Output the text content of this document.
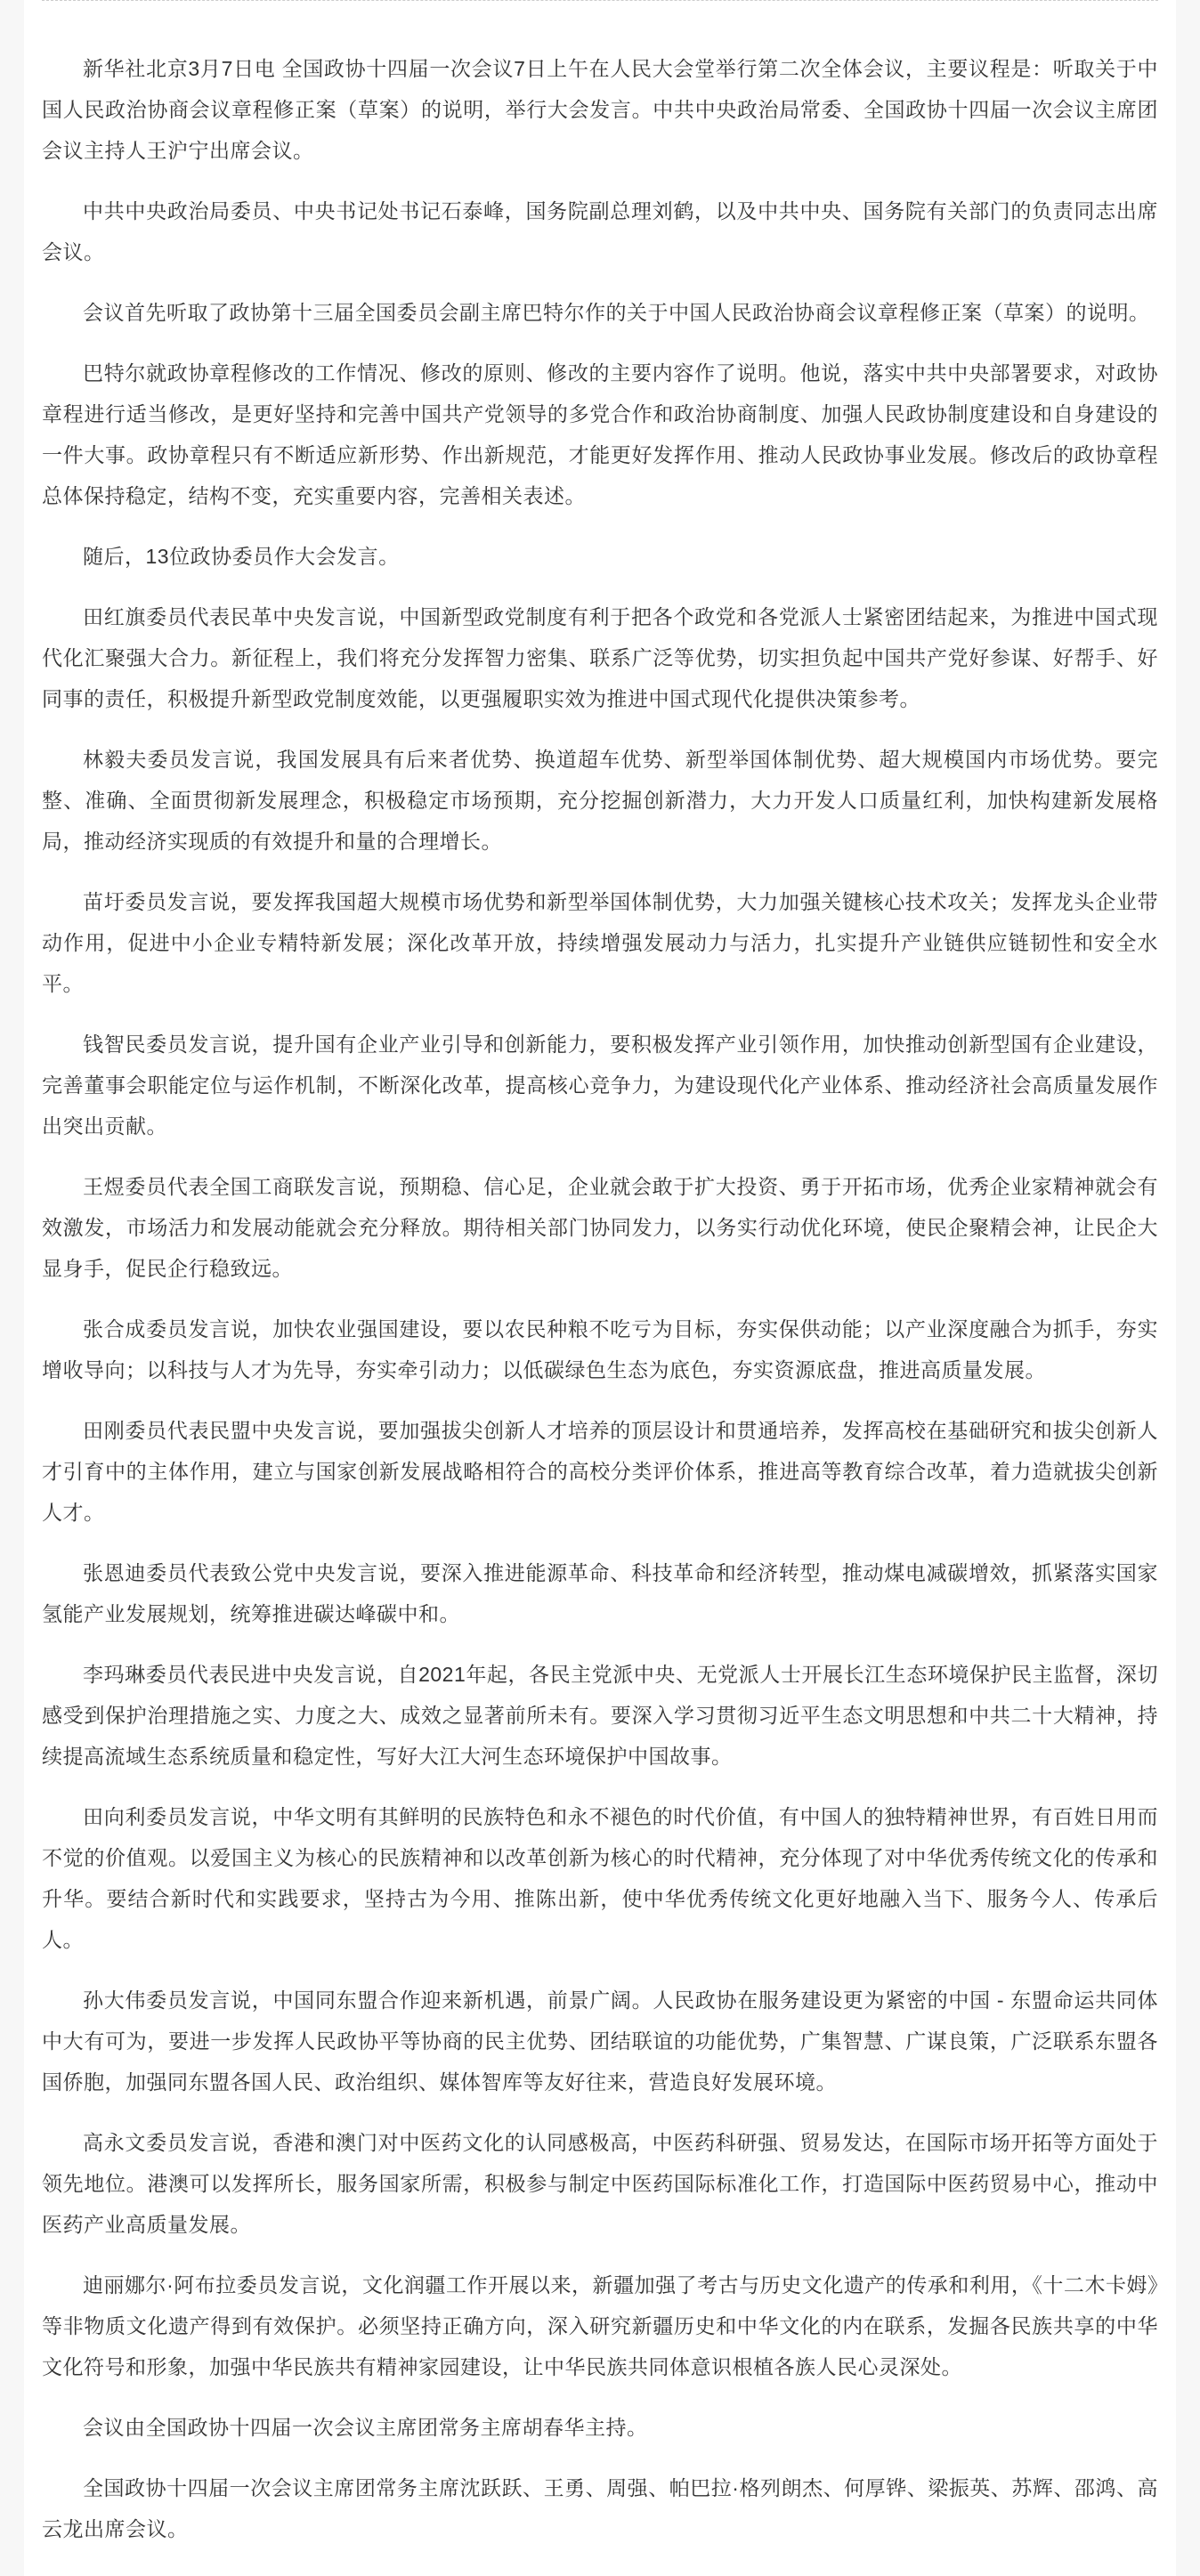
新华社北京3月7日电 全国政协十四届一次会议7日上午在人民大会堂举行第二次全体会议，主要议程是：听取关于中国人民政治协商会议章程修正案（草案）的说明，举行大会发言。中共中央政治局常委、全国政协十四届一次会议主席团会议主持人王沪宁出席会议。

中共中央政治局委员、中央书记处书记石泰峰，国务院副总理刘鹤，以及中共中央、国务院有关部门的负责同志出席会议。

会议首先听取了政协第十三届全国委员会副主席巴特尔作的关于中国人民政治协商会议章程修正案（草案）的说明。

巴特尔就政协章程修改的工作情况、修改的原则、修改的主要内容作了说明。他说，落实中共中央部署要求，对政协章程进行适当修改，是更好坚持和完善中国共产党领导的多党合作和政治协商制度、加强人民政协制度建设和自身建设的一件大事。政协章程只有不断适应新形势、作出新规范，才能更好发挥作用、推动人民政协事业发展。修改后的政协章程总体保持稳定，结构不变，充实重要内容，完善相关表述。

随后，13位政协委员作大会发言。

田红旗委员代表民革中央发言说，中国新型政党制度有利于把各个政党和各党派人士紧密团结起来，为推进中国式现代化汇聚强大合力。新征程上，我们将充分发挥智力密集、联系广泛等优势，切实担负起中国共产党好参谋、好帮手、好同事的责任，积极提升新型政党制度效能，以更强履职实效为推进中国式现代化提供决策参考。

林毅夫委员发言说，我国发展具有后来者优势、换道超车优势、新型举国体制优势、超大规模国内市场优势。要完整、准确、全面贯彻新发展理念，积极稳定市场预期，充分挖掘创新潜力，大力开发人口质量红利，加快构建新发展格局，推动经济实现质的有效提升和量的合理增长。

苗圩委员发言说，要发挥我国超大规模市场优势和新型举国体制优势，大力加强关键核心技术攻关；发挥龙头企业带动作用，促进中小企业专精特新发展；深化改革开放，持续增强发展动力与活力，扎实提升产业链供应链韧性和安全水平。

钱智民委员发言说，提升国有企业产业引导和创新能力，要积极发挥产业引领作用，加快推动创新型国有企业建设，完善董事会职能定位与运作机制，不断深化改革，提高核心竞争力，为建设现代化产业体系、推动经济社会高质量发展作出突出贡献。

王煜委员代表全国工商联发言说，预期稳、信心足，企业就会敢于扩大投资、勇于开拓市场，优秀企业家精神就会有效激发，市场活力和发展动能就会充分释放。期待相关部门协同发力，以务实行动优化环境，使民企聚精会神，让民企大显身手，促民企行稳致远。

张合成委员发言说，加快农业强国建设，要以农民种粮不吃亏为目标，夯实保供动能；以产业深度融合为抓手，夯实增收导向；以科技与人才为先导，夯实牵引动力；以低碳绿色生态为底色，夯实资源底盘，推进高质量发展。

田刚委员代表民盟中央发言说，要加强拔尖创新人才培养的顶层设计和贯通培养，发挥高校在基础研究和拔尖创新人才引育中的主体作用，建立与国家创新发展战略相符合的高校分类评价体系，推进高等教育综合改革，着力造就拔尖创新人才。

张恩迪委员代表致公党中央发言说，要深入推进能源革命、科技革命和经济转型，推动煤电减碳增效，抓紧落实国家氢能产业发展规划，统筹推进碳达峰碳中和。

李玛琳委员代表民进中央发言说，自2021年起，各民主党派中央、无党派人士开展长江生态环境保护民主监督，深切感受到保护治理措施之实、力度之大、成效之显著前所未有。要深入学习贯彻习近平生态文明思想和中共二十大精神，持续提高流域生态系统质量和稳定性，写好大江大河生态环境保护中国故事。

田向利委员发言说，中华文明有其鲜明的民族特色和永不褪色的时代价值，有中国人的独特精神世界，有百姓日用而不觉的价值观。以爱国主义为核心的民族精神和以改革创新为核心的时代精神，充分体现了对中华优秀传统文化的传承和升华。要结合新时代和实践要求，坚持古为今用、推陈出新，使中华优秀传统文化更好地融入当下、服务今人、传承后人。

孙大伟委员发言说，中国同东盟合作迎来新机遇，前景广阔。人民政协在服务建设更为紧密的中国 - 东盟命运共同体中大有可为，要进一步发挥人民政协平等协商的民主优势、团结联谊的功能优势，广集智慧、广谋良策，广泛联系东盟各国侨胞，加强同东盟各国人民、政治组织、媒体智库等友好往来，营造良好发展环境。

高永文委员发言说，香港和澳门对中医药文化的认同感极高，中医药科研强、贸易发达，在国际市场开拓等方面处于领先地位。港澳可以发挥所长，服务国家所需，积极参与制定中医药国际标准化工作，打造国际中医药贸易中心，推动中医药产业高质量发展。

迪丽娜尔·阿布拉委员发言说，文化润疆工作开展以来，新疆加强了考古与历史文化遗产的传承和利用，《十二木卡姆》等非物质文化遗产得到有效保护。必须坚持正确方向，深入研究新疆历史和中华文化的内在联系，发掘各民族共享的中华文化符号和形象，加强中华民族共有精神家园建设，让中华民族共同体意识根植各族人民心灵深处。

会议由全国政协十四届一次会议主席团常务主席胡春华主持。

全国政协十四届一次会议主席团常务主席沈跃跃、王勇、周强、帕巴拉·格列朗杰、何厚铧、梁振英、苏辉、邵鸿、高云龙出席会议。
